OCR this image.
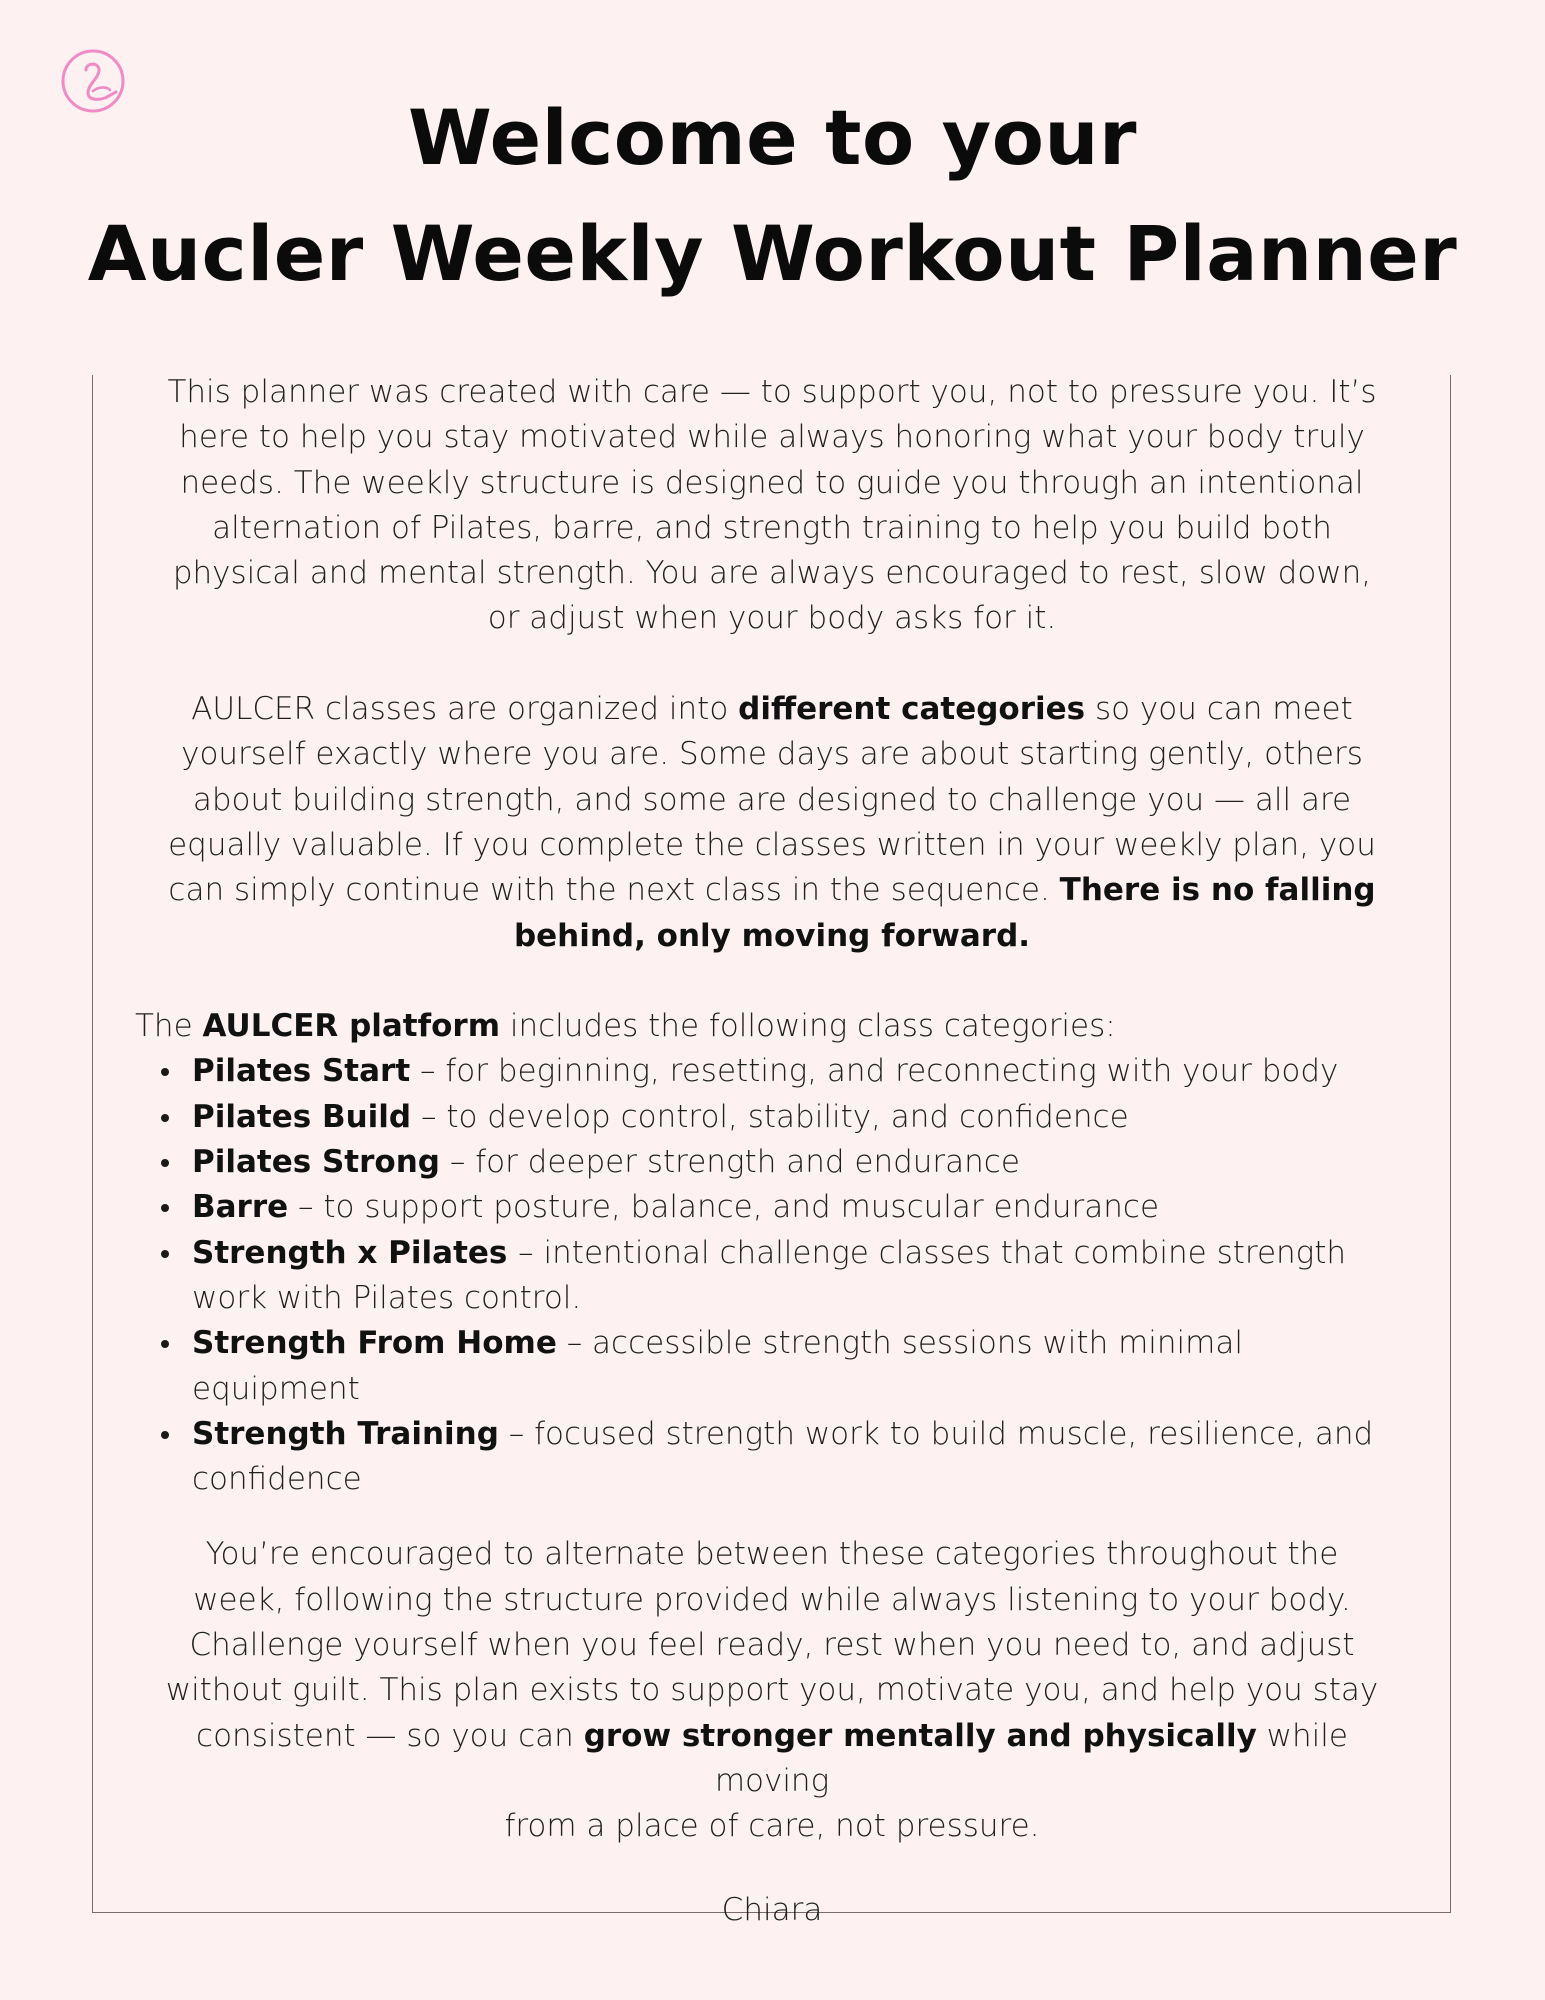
Welcome to your
Aucler Weekly Workout Planner

This planner was created with care — to support you, not to pressure you. It’s
here to help you stay motivated while always honoring what your body truly
needs. The weekly structure is designed to guide you through an intentional
alternation of Pilates, barre, and strength training to help you build both
physical and mental strength. You are always encouraged to rest, slow down,
or adjust when your body asks for it.

AULCER classes are organized into different categories so you can meet
yourself exactly where you are. Some days are about starting gently, others
about building strength, and some are designed to challenge you — all are
equally valuable. If you complete the classes written in your weekly plan, you
can simply continue with the next class in the sequence. There is no falling
behind, only moving forward.

The AULCER platform includes the following class categories:

Pilates Start – for beginning, resetting, and reconnecting with your body
Pilates Build – to develop control, stability, and confidence
Pilates Strong – for deeper strength and endurance
Barre – to support posture, balance, and muscular endurance
Strength x Pilates – intentional challenge classes that combine strength work with Pilates control.
Strength From Home – accessible strength sessions with minimal equipment
Strength Training – focused strength work to build muscle, resilience, and confidence

You’re encouraged to alternate between these categories throughout the
week, following the structure provided while always listening to your body.
Challenge yourself when you feel ready, rest when you need to, and adjust
without guilt. This plan exists to support you, motivate you, and help you stay
consistent — so you can grow stronger mentally and physically while moving
from a place of care, not pressure.

Chiara
